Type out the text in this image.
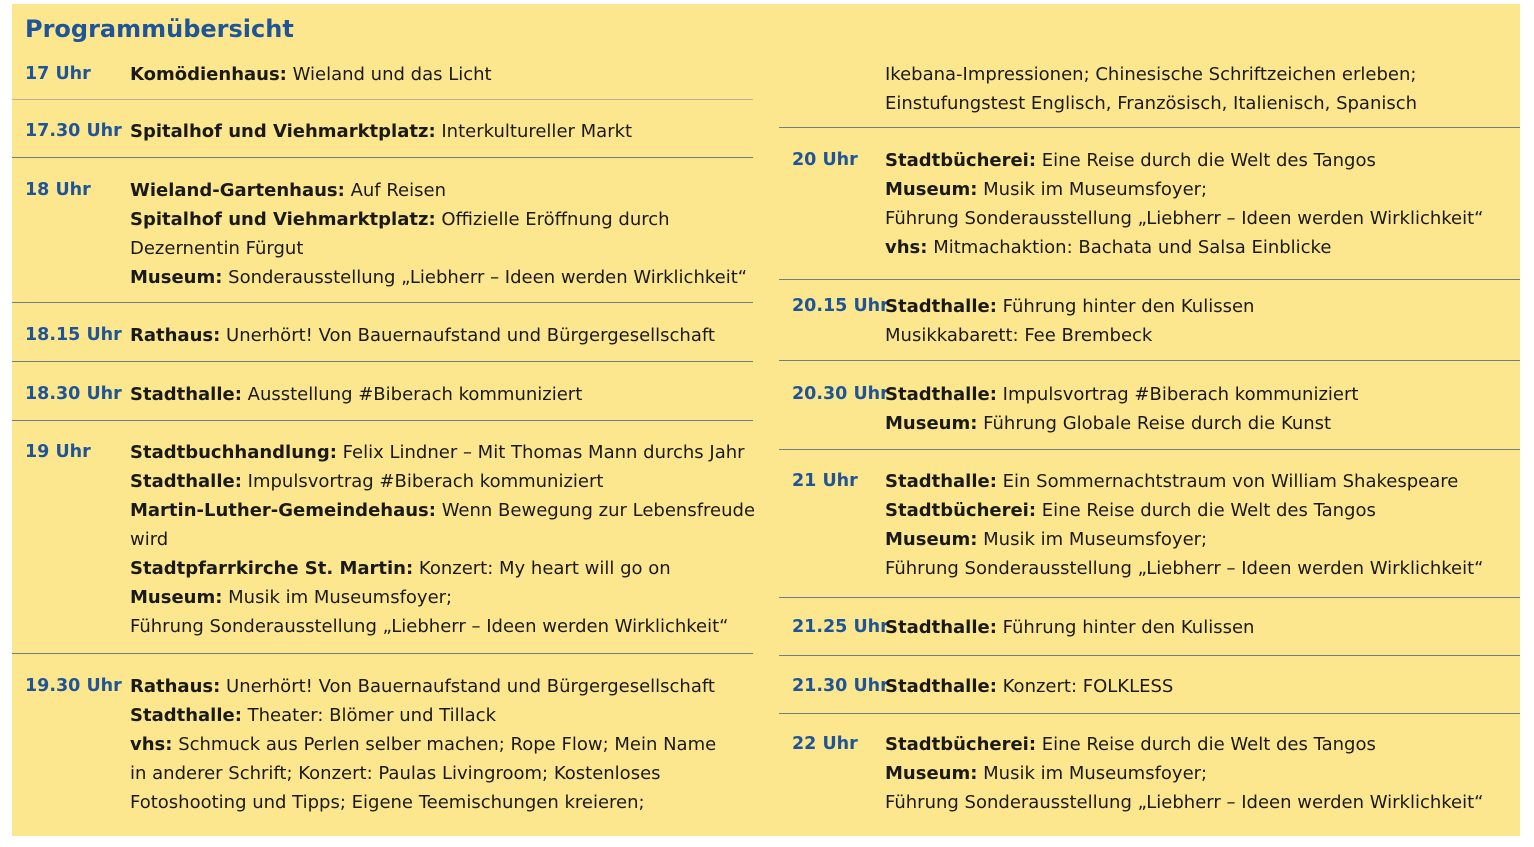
Programmübersicht
17 Uhr Komödienhaus: Wieland und das Licht
17.30 Uhr Spitalhof und Viehmarktplatz: Interkultureller Markt
18 Uhr Wieland-Gartenhaus: Auf Reisen
Spitalhof und Viehmarktplatz: Offizielle Eröffnung durch
Dezernentin Fürgut
Museum: Sonderausstellung „Liebherr – Ideen werden Wirklichkeit“
18.15 Uhr Rathaus: Unerhört! Von Bauernaufstand und Bürgergesellschaft
18.30 Uhr Stadthalle: Ausstellung #Biberach kommuniziert
19 Uhr Stadtbuchhandlung: Felix Lindner – Mit Thomas Mann durchs Jahr
Stadthalle: Impulsvortrag #Biberach kommuniziert
Martin-Luther-Gemeindehaus: Wenn Bewegung zur Lebensfreude
wird
Stadtpfarrkirche St. Martin: Konzert: My heart will go on
Museum: Musik im Museumsfoyer;
Führung Sonderausstellung „Liebherr – Ideen werden Wirklichkeit“
19.30 Uhr Rathaus: Unerhört! Von Bauernaufstand und Bürgergesellschaft
Stadthalle: Theater: Blömer und Tillack
vhs: Schmuck aus Perlen selber machen; Rope Flow; Mein Name
in anderer Schrift; Konzert: Paulas Livingroom; Kostenloses
Fotoshooting und Tipps; Eigene Teemischungen kreieren;
Ikebana-Impressionen; Chinesische Schriftzeichen erleben;
Einstufungstest Englisch, Französisch, Italienisch, Spanisch
20 Uhr Stadtbücherei: Eine Reise durch die Welt des Tangos
Museum: Musik im Museumsfoyer;
Führung Sonderausstellung „Liebherr – Ideen werden Wirklichkeit“
vhs: Mitmachaktion: Bachata und Salsa Einblicke
20.15 Uhr
Stadthalle: Führung hinter den Kulissen
Musikkabarett: Fee Brembeck
20.30 Uhr
Stadthalle: Impulsvortrag #Biberach kommuniziert
Museum: Führung Globale Reise durch die Kunst
21 Uhr Stadthalle: Ein Sommernachtstraum von William Shakespeare
Stadtbücherei: Eine Reise durch die Welt des Tangos
Museum: Musik im Museumsfoyer;
Führung Sonderausstellung „Liebherr – Ideen werden Wirklichkeit“
21.25 Uhr
Stadthalle: Führung hinter den Kulissen
21.30 Uhr
Stadthalle: Konzert: FOLKLESS
22 Uhr Stadtbücherei: Eine Reise durch die Welt des Tangos
Museum: Musik im Museumsfoyer;
Führung Sonderausstellung „Liebherr – Ideen werden Wirklichkeit“
